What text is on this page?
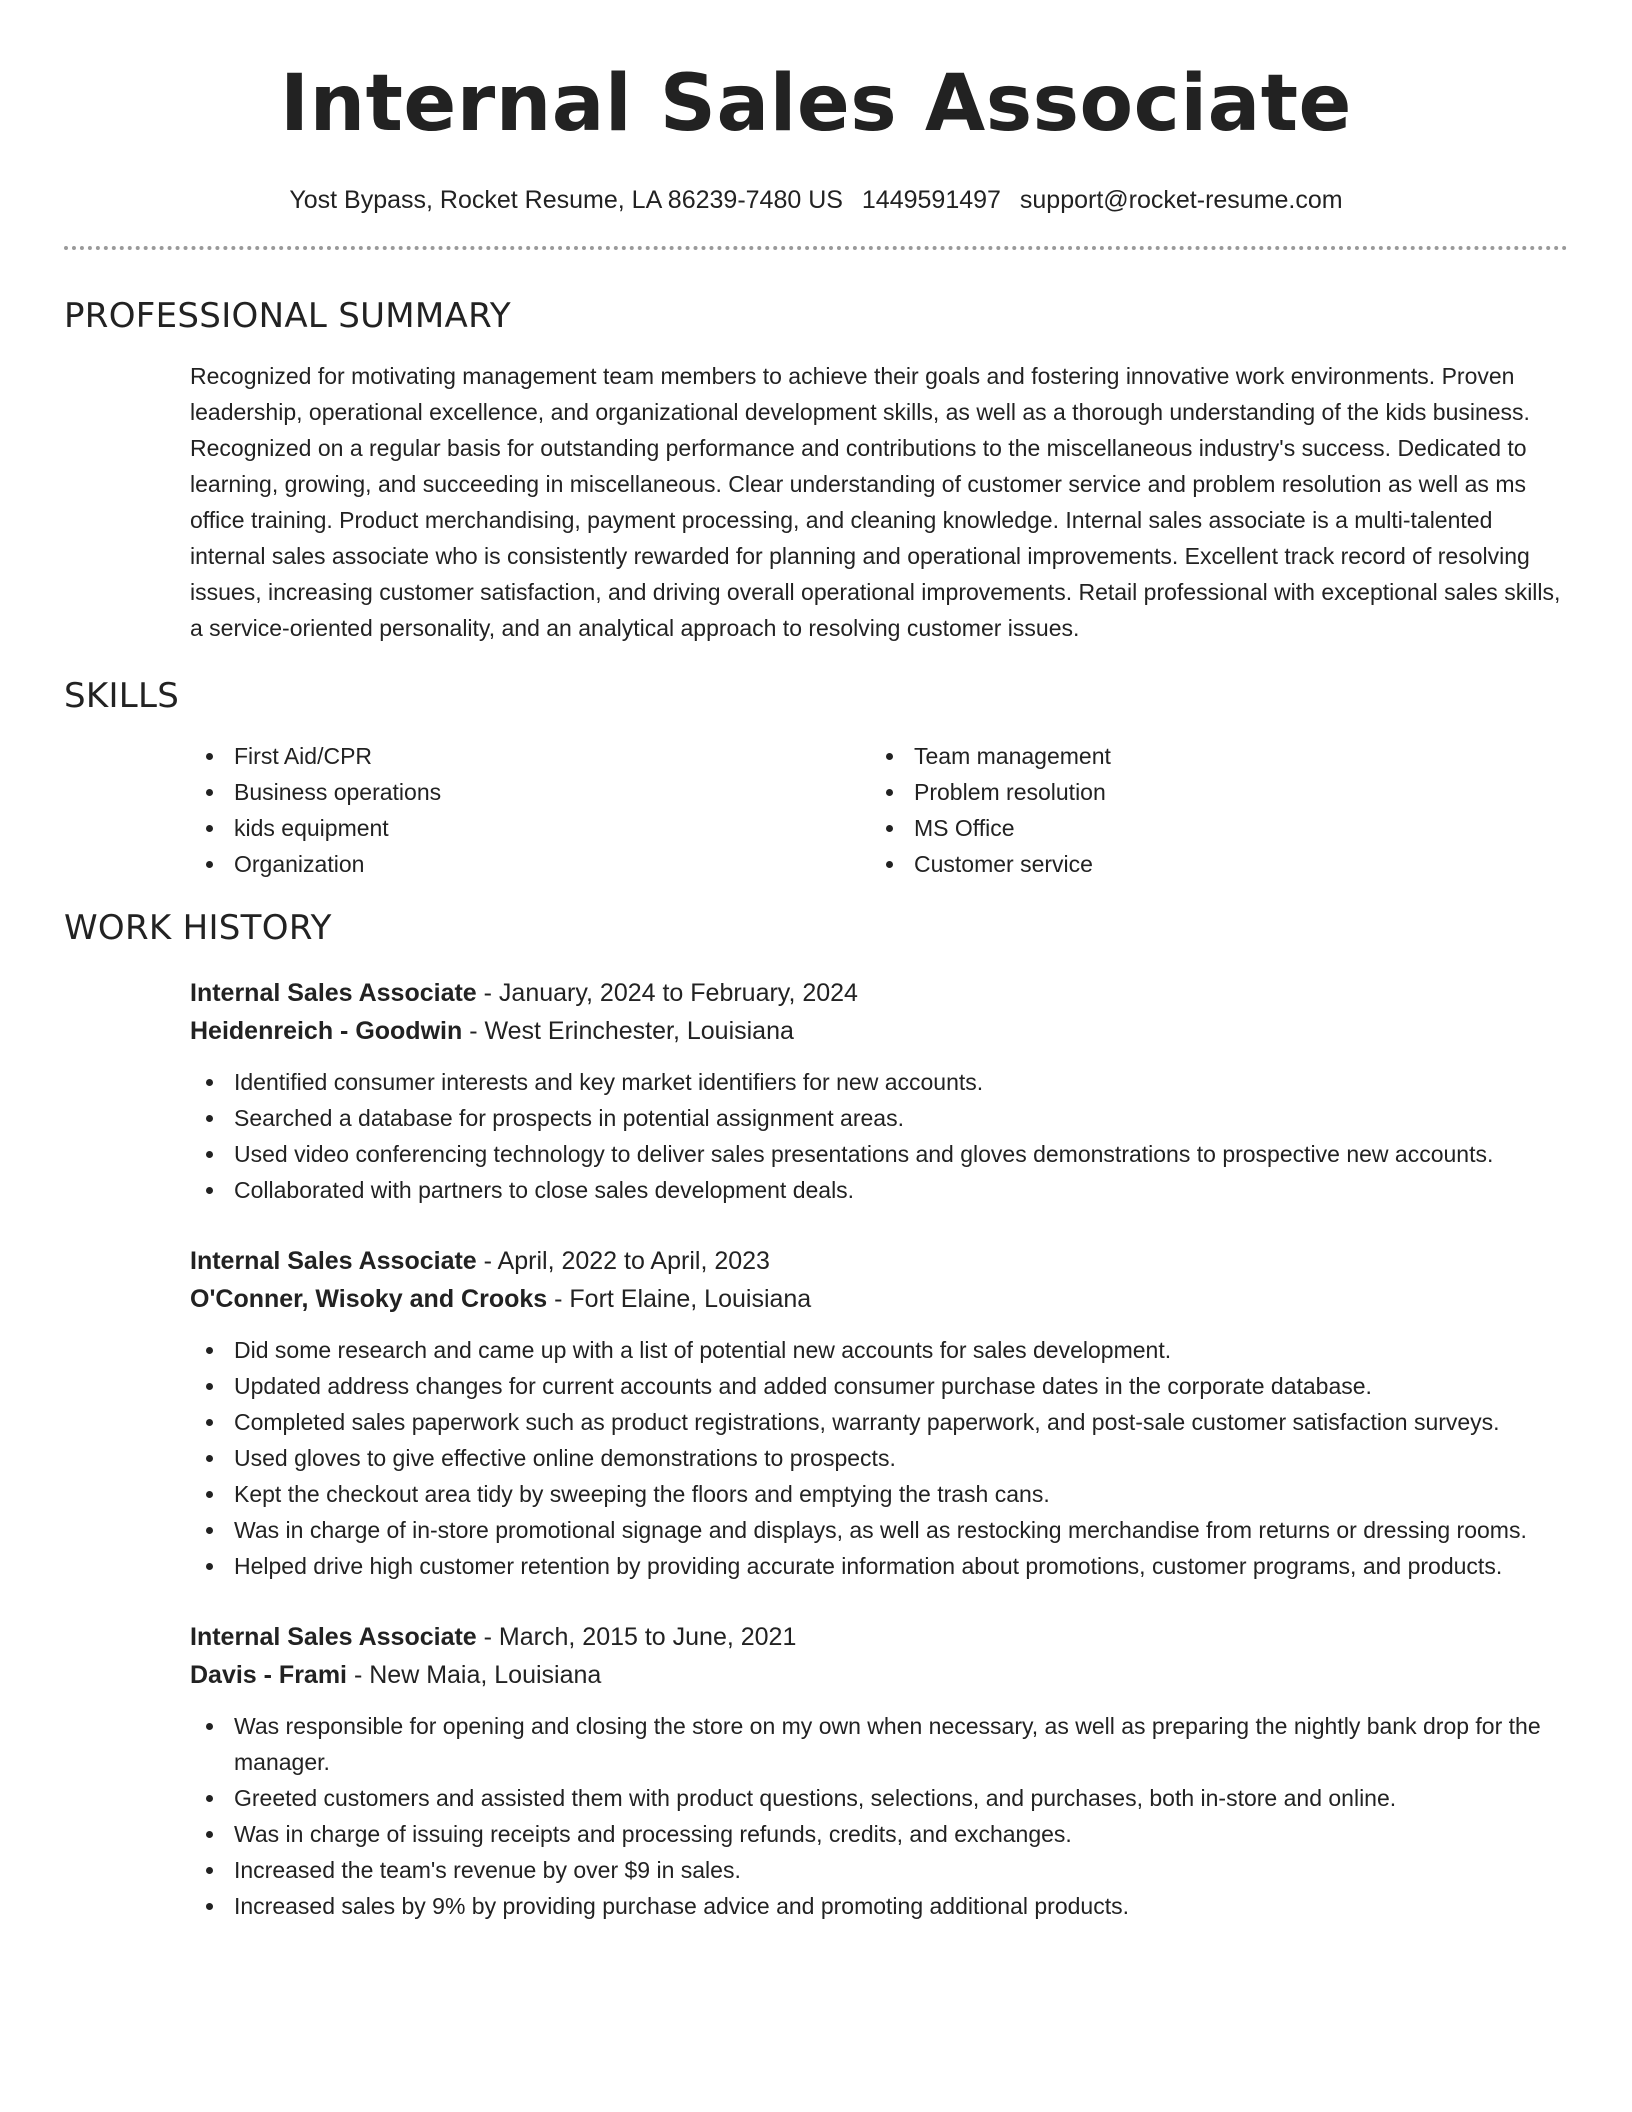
Internal Sales Associate
Yost Bypass, Rocket Resume, LA 86239-7480 US 1449591497 support@rocket-resume.com
PROFESSIONAL SUMMARY

Recognized for motivating management team members to achieve their goals and fostering innovative work environments. Proven leadership, operational excellence, and organizational development skills, as well as a thorough understanding of the kids business. Recognized on a regular basis for outstanding performance and contributions to the miscellaneous industry's success. Dedicated to learning, growing, and succeeding in miscellaneous. Clear understanding of customer service and problem resolution as well as ms office training. Product merchandising, payment processing, and cleaning knowledge. Internal sales associate is a multi-talented internal sales associate who is consistently rewarded for planning and operational improvements. Excellent track record of resolving issues, increasing customer satisfaction, and driving overall operational improvements. Retail professional with exceptional sales skills, a service-oriented personality, and an analytical approach to resolving customer issues.

SKILLS
First Aid/CPR
Business operations
kids equipment
Organization
Team management
Problem resolution
MS Office
Customer service
WORK HISTORY
Internal Sales Associate - January, 2024 to February, 2024
Heidenreich - Goodwin - West Erinchester, Louisiana
Identified consumer interests and key market identifiers for new accounts.
Searched a database for prospects in potential assignment areas.
Used video conferencing technology to deliver sales presentations and gloves demonstrations to prospective new accounts.
Collaborated with partners to close sales development deals.
Internal Sales Associate - April, 2022 to April, 2023
O'Conner, Wisoky and Crooks - Fort Elaine, Louisiana
Did some research and came up with a list of potential new accounts for sales development.
Updated address changes for current accounts and added consumer purchase dates in the corporate database.
Completed sales paperwork such as product registrations, warranty paperwork, and post-sale customer satisfaction surveys.
Used gloves to give effective online demonstrations to prospects.
Kept the checkout area tidy by sweeping the floors and emptying the trash cans.
Was in charge of in-store promotional signage and displays, as well as restocking merchandise from returns or dressing rooms.
Helped drive high customer retention by providing accurate information about promotions, customer programs, and products.
Internal Sales Associate - March, 2015 to June, 2021
Davis - Frami - New Maia, Louisiana
Was responsible for opening and closing the store on my own when necessary, as well as preparing the nightly bank drop for the manager.
Greeted customers and assisted them with product questions, selections, and purchases, both in-store and online.
Was in charge of issuing receipts and processing refunds, credits, and exchanges.
Increased the team's revenue by over $9 in sales.
Increased sales by 9% by providing purchase advice and promoting additional products.
